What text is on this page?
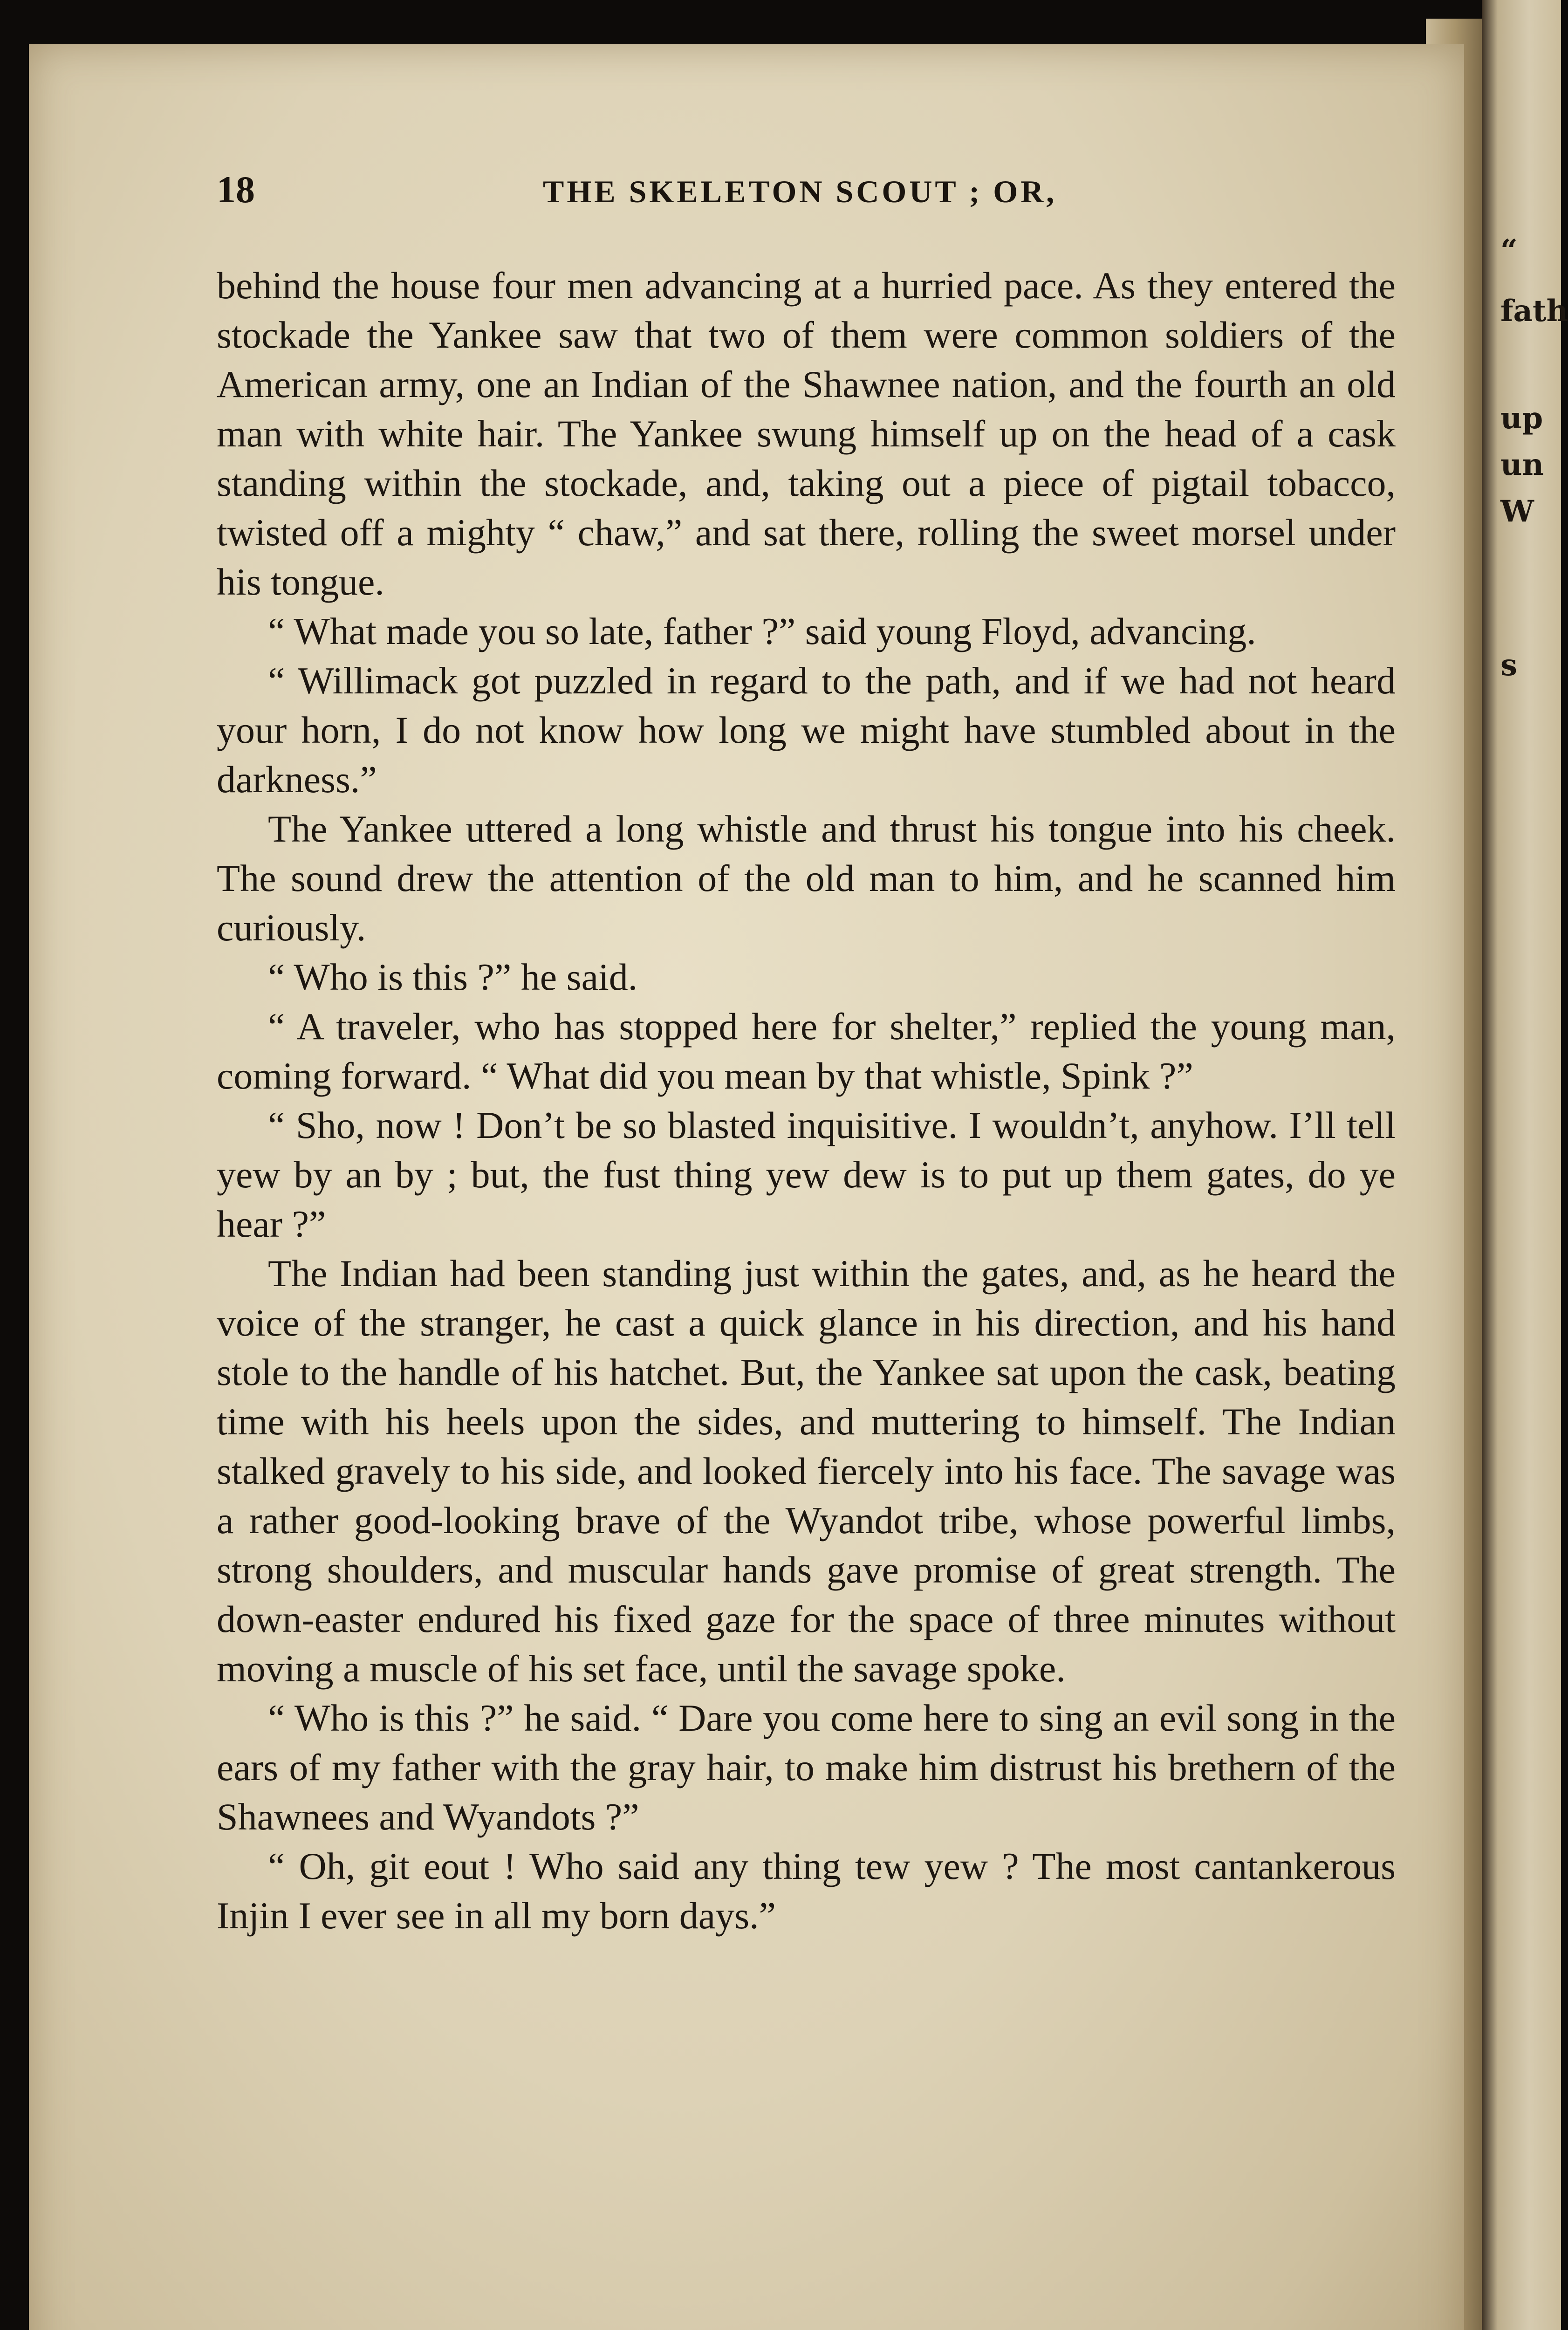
“
fath
up
un
W
s
18	THE SKELETON SCOUT ; OR,

behind the house four men advancing at a hurried pace. As they entered the stockade the Yankee saw that two of them were common soldiers of the American army, one an Indian of the Shawnee nation, and the fourth an old man with white hair. The Yankee swung himself up on the head of a cask standing within the stockade, and, taking out a piece of pigtail tobacco, twisted off a mighty “ chaw,” and sat there, rolling the sweet morsel under his tongue.

“ What made you so late, father ?” said young Floyd, advancing.

“ Willimack got puzzled in regard to the path, and if we had not heard your horn, I do not know how long we might have stumbled about in the darkness.”

The Yankee uttered a long whistle and thrust his tongue into his cheek. The sound drew the attention of the old man to him, and he scanned him curiously.

“ Who is this ?” he said.

“ A traveler, who has stopped here for shelter,” replied the young man, coming forward. “ What did you mean by that whistle, Spink ?”

“ Sho, now ! Don’t be so blasted inquisitive. I wouldn’t, anyhow. I’ll tell yew by an by ; but, the fust thing yew dew is to put up them gates, do ye hear ?”

The Indian had been standing just within the gates, and, as he heard the voice of the stranger, he cast a quick glance in his direction, and his hand stole to the handle of his hatchet. But, the Yankee sat upon the cask, beating time with his heels upon the sides, and muttering to himself. The Indian stalked gravely to his side, and looked fiercely into his face. The savage was a rather good-looking brave of the Wyandot tribe, whose powerful limbs, strong shoulders, and muscular hands gave promise of great strength. The down-easter endured his fixed gaze for the space of three minutes without moving a muscle of his set face, until the savage spoke.

“ Who is this ?” he said. “ Dare you come here to sing an evil song in the ears of my father with the gray hair, to make him distrust his brethern of the Shawnees and Wyandots ?”

“ Oh, git eout ! Who said any thing tew yew ? The most cantankerous Injin I ever see in all my born days.”
